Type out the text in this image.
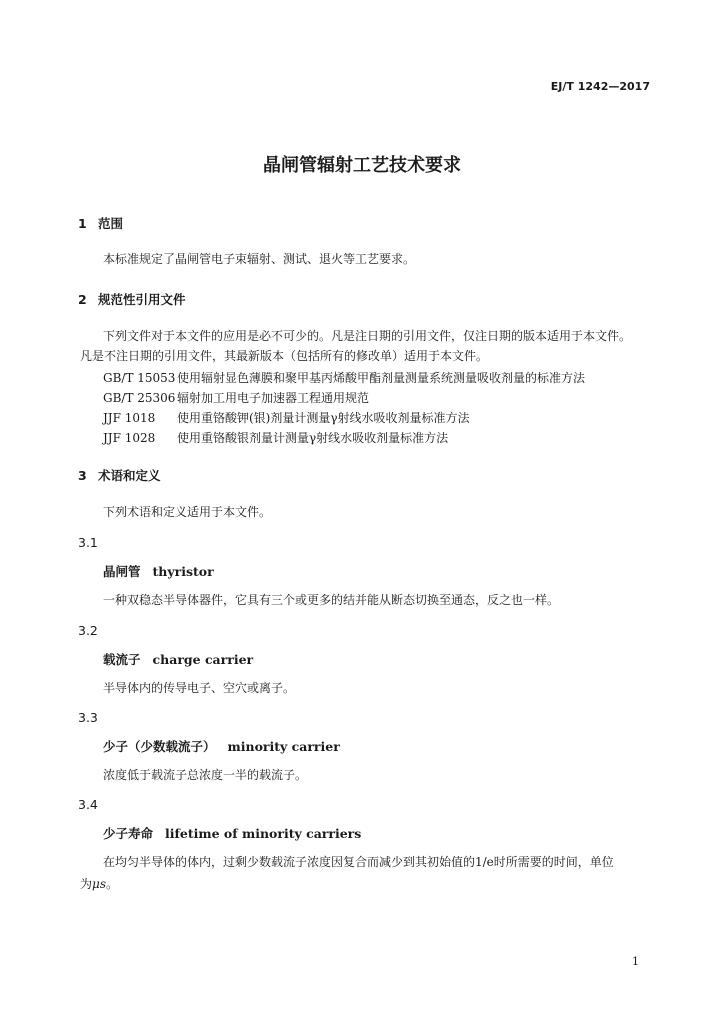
EJ/T 1242—2017
晶闸管辐射工艺技术要求
1 范围
本标准规定了晶闸管电子束辐射、测试、退火等工艺要求。
2 规范性引用文件
下列文件对于本文件的应用是必不可少的。凡是注日期的引用文件，仅注日期的版本适用于本文件。
凡是不注日期的引用文件，其最新版本（包括所有的修改单）适用于本文件。
GB/T 15053 使用辐射显色薄膜和聚甲基丙烯酸甲酯剂量测量系统测量吸收剂量的标准方法
GB/T 25306 辐射加工用电子加速器工程通用规范
JJF 1018 使用重铬酸钾(银)剂量计测量γ射线水吸收剂量标准方法
JJF 1028 使用重铬酸银剂量计测量γ射线水吸收剂量标准方法
3 术语和定义
下列术语和定义适用于本文件。
3.1
晶闸管 thyristor
一种双稳态半导体器件，它具有三个或更多的结并能从断态切换至通态，反之也一样。
3.2
载流子 charge carrier
半导体内的传导电子、空穴或离子。
3.3
少子（少数载流子） minority carrier
浓度低于载流子总浓度一半的载流子。
3.4
少子寿命 lifetime of minority carriers
在均匀半导体的体内，过剩少数载流子浓度因复合而减少到其初始值的1/e时所需要的时间，单位
为μs。
1
